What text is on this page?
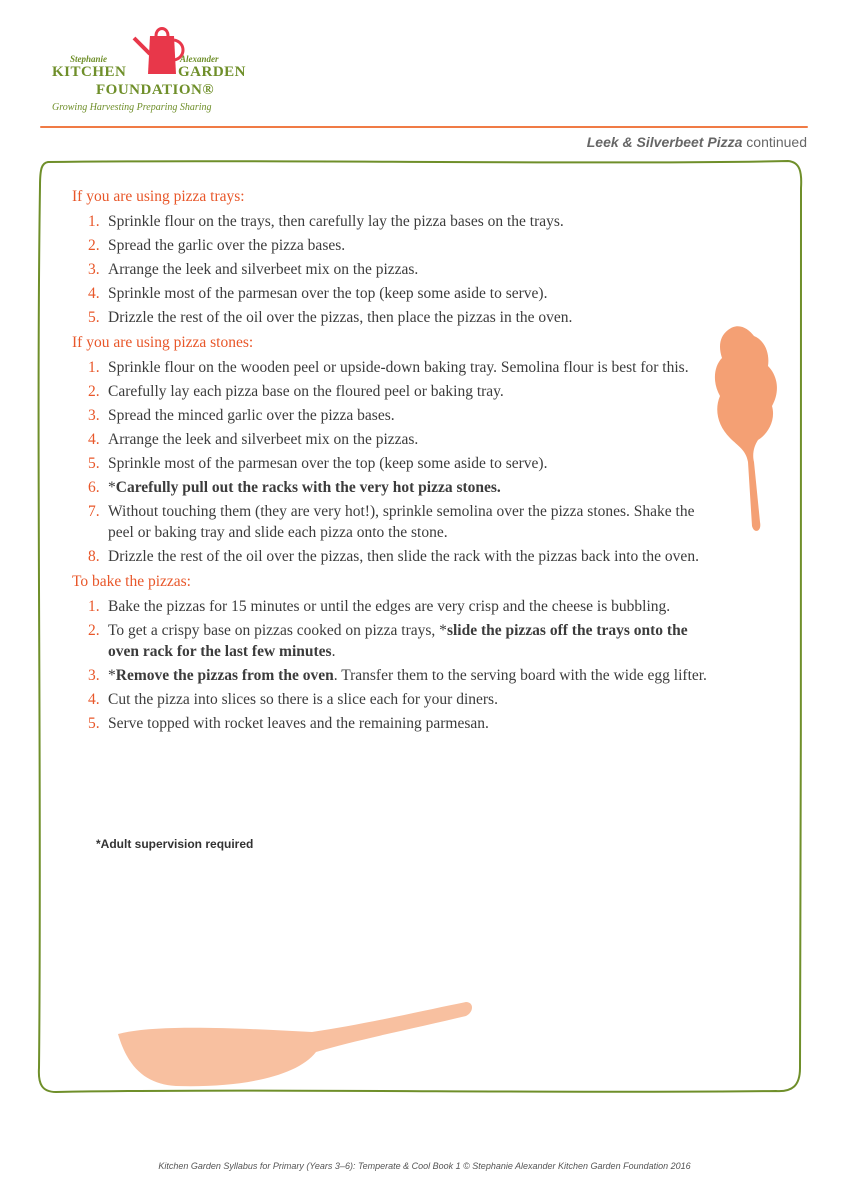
Stephanie	Alexander
KITCHEN	GARDEN
FOUNDATION®
Growing Harvesting Preparing Sharing
Leek & Silverbeet Pizza continued
If you are using pizza trays:
1. Sprinkle flour on the trays, then carefully lay the pizza bases on the trays.
2. Spread the garlic over the pizza bases.
3. Arrange the leek and silverbeet mix on the pizzas.
4. Sprinkle most of the parmesan over the top (keep some aside to serve).
5. Drizzle the rest of the oil over the pizzas, then place the pizzas in the oven.
If you are using pizza stones:
1. Sprinkle flour on the wooden peel or upside-down baking tray. Semolina flour is best for this.
2. Carefully lay each pizza base on the floured peel or baking tray.
3. Spread the minced garlic over the pizza bases.
4. Arrange the leek and silverbeet mix on the pizzas.
5. Sprinkle most of the parmesan over the top (keep some aside to serve).
6. *Carefully pull out the racks with the very hot pizza stones.
7. Without touching them (they are very hot!), sprinkle semolina over the pizza stones. Shake the peel or baking tray and slide each pizza onto the stone.
8. Drizzle the rest of the oil over the pizzas, then slide the rack with the pizzas back into the oven.
To bake the pizzas:
1. Bake the pizzas for 15 minutes or until the edges are very crisp and the cheese is bubbling.
2. To get a crispy base on pizzas cooked on pizza trays, *slide the pizzas off the trays onto the oven rack for the last few minutes.
3. *Remove the pizzas from the oven. Transfer them to the serving board with the wide egg lifter.
4. Cut the pizza into slices so there is a slice each for your diners.
5. Serve topped with rocket leaves and the remaining parmesan.
*Adult supervision required
Kitchen Garden Syllabus for Primary (Years 3–6): Temperate & Cool Book 1 © Stephanie Alexander Kitchen Garden Foundation 2016
